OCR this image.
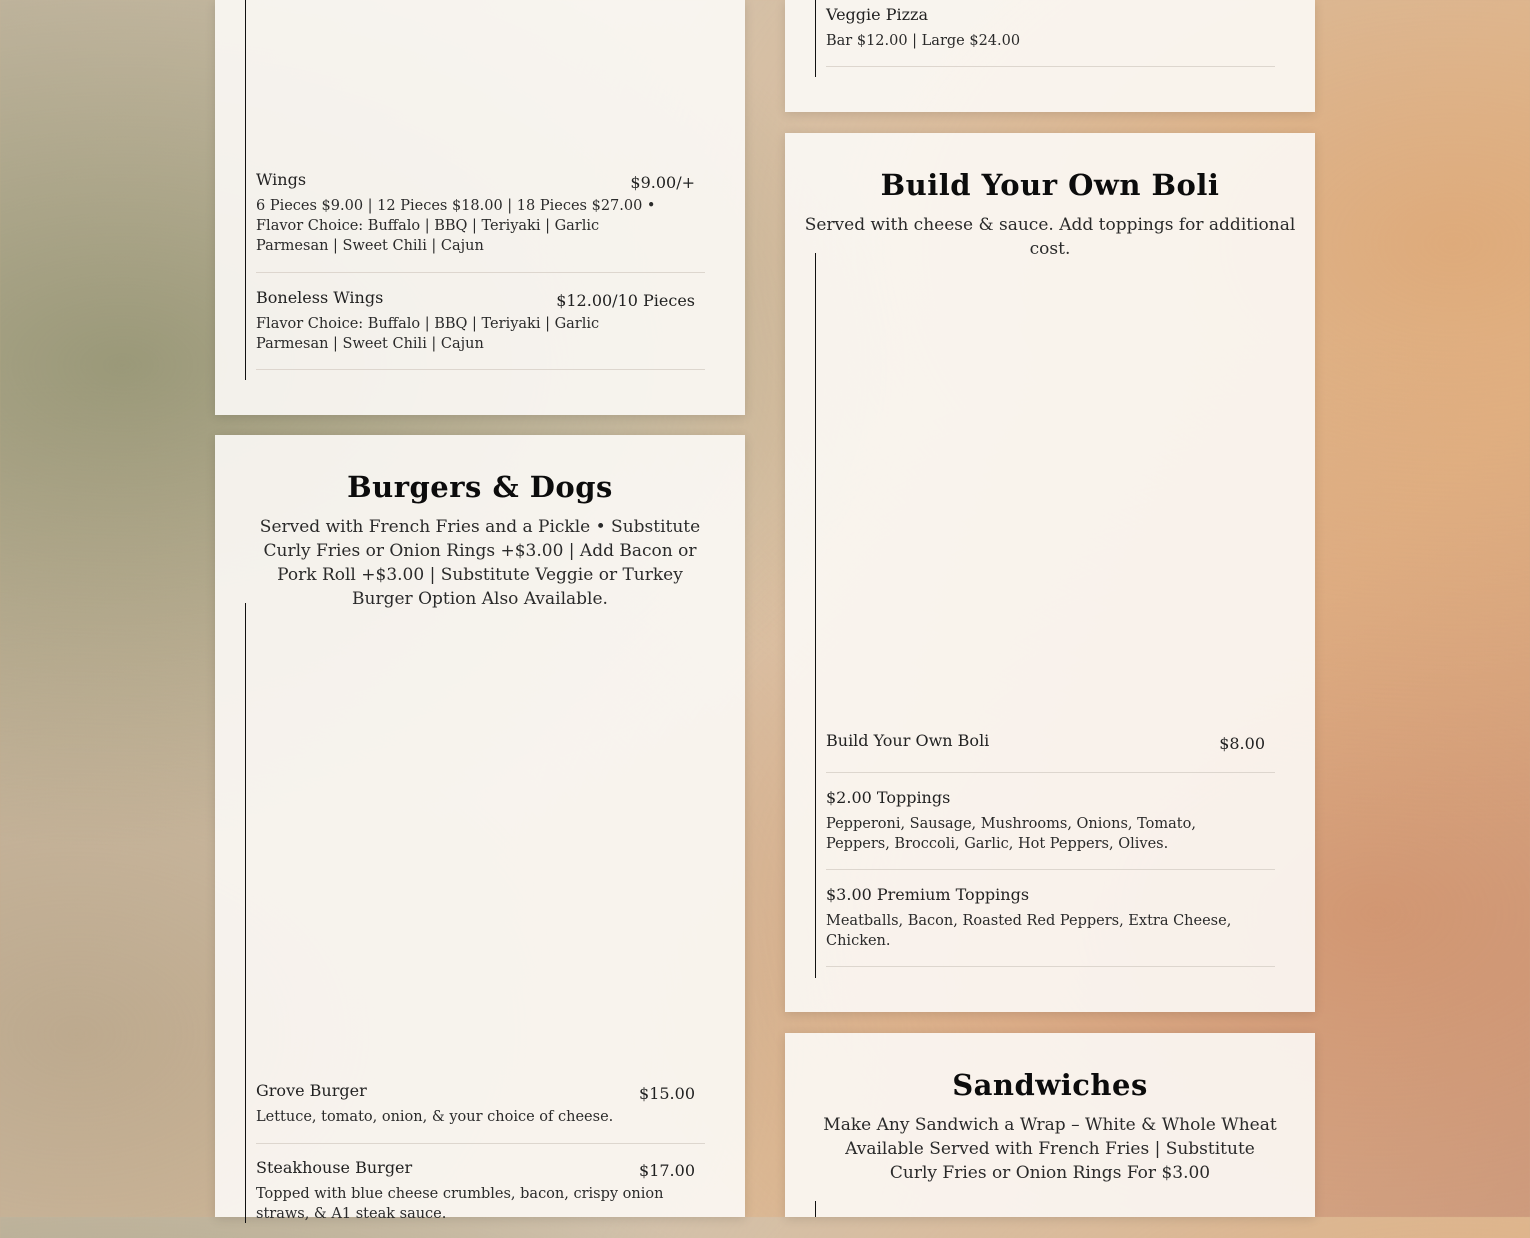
Wings	$9.00/+
6 Pieces $9.00 | 12 Pieces $18.00 | 18 Pieces $27.00 • Flavor Choice: Buffalo | BBQ | Teriyaki | Garlic Parmesan | Sweet Chili | Cajun
Boneless Wings	$12.00/10 Pieces
Flavor Choice: Buffalo | BBQ | Teriyaki | Garlic Parmesan | Sweet Chili | Cajun
Burgers & Dogs

Served with French Fries and a Pickle • Substitute Curly Fries or Onion Rings +$3.00 | Add Bacon or Pork Roll +$3.00 | Substitute Veggie or Turkey Burger Option Also Available.

Grove Burger	$15.00
Lettuce, tomato, onion, & your choice of cheese.
Steakhouse Burger	$17.00
Topped with blue cheese crumbles, bacon, crispy onion straws, & A1 steak sauce.
Veggie Pizza
Bar $12.00 | Large $24.00
Build Your Own Boli

Served with cheese & sauce. Add toppings for additional cost.

Build Your Own Boli	$8.00
$2.00 Toppings
Pepperoni, Sausage, Mushrooms, Onions, Tomato, Peppers, Broccoli, Garlic, Hot Peppers, Olives.
$3.00 Premium Toppings
Meatballs, Bacon, Roasted Red Peppers, Extra Cheese, Chicken.
Sandwiches

Make Any Sandwich a Wrap – White & Whole Wheat Available Served with French Fries | Substitute Curly Fries or Onion Rings For $3.00
